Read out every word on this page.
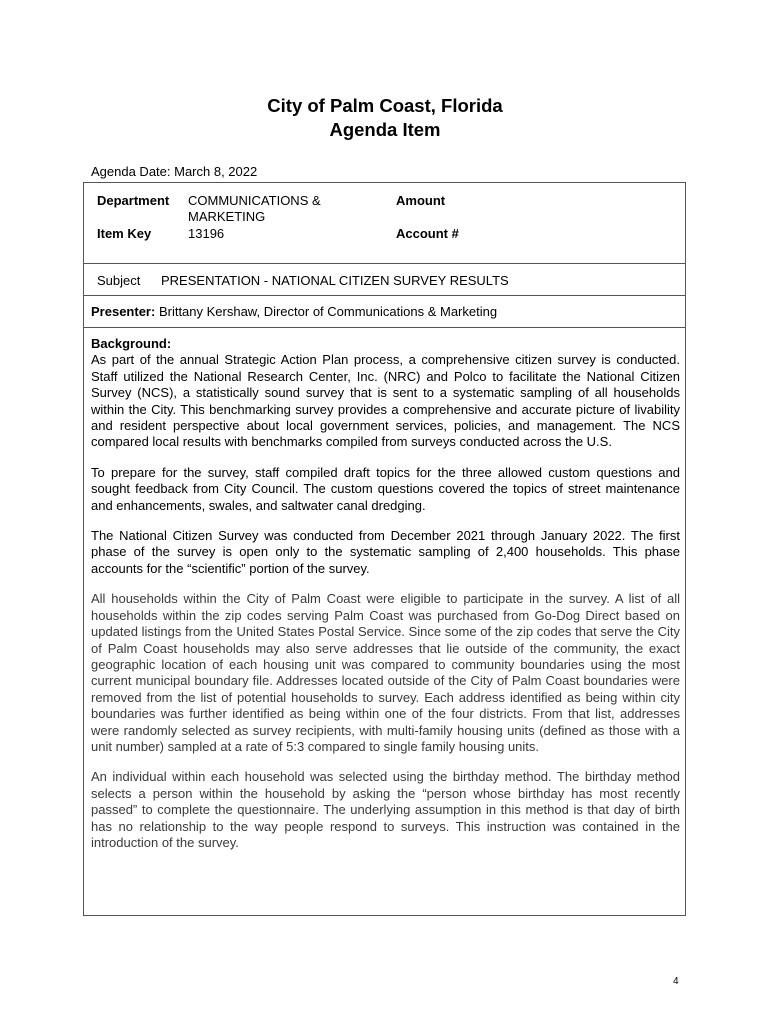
City of Palm Coast, Florida
Agenda Item
Agenda Date: March 8, 2022
Department COMMUNICATIONS & MARKETING
Item Key	13196
Amount
Account #
Subject PRESENTATION - NATIONAL CITIZEN SURVEY RESULTS
Presenter: Brittany Kershaw, Director of Communications & Marketing
Background:

As part of the annual Strategic Action Plan process, a comprehensive citizen survey is conducted. Staff utilized the National Research Center, Inc. (NRC) and Polco to facilitate the National Citizen Survey (NCS), a statistically sound survey that is sent to a systematic sampling of all households within the City. This benchmarking survey provides a comprehensive and accurate picture of livability and resident perspective about local government services, policies, and management. The NCS compared local results with benchmarks compiled from surveys conducted across the U.S.

To prepare for the survey, staff compiled draft topics for the three allowed custom questions and sought feedback from City Council. The custom questions covered the topics of street maintenance and enhancements, swales, and saltwater canal dredging.

The National Citizen Survey was conducted from December 2021 through January 2022. The first phase of the survey is open only to the systematic sampling of 2,400 households. This phase accounts for the “scientific” portion of the survey.

All households within the City of Palm Coast were eligible to participate in the survey. A list of all households within the zip codes serving Palm Coast was purchased from Go-Dog Direct based on updated listings from the United States Postal Service. Since some of the zip codes that serve the City of Palm Coast households may also serve addresses that lie outside of the community, the exact geographic location of each housing unit was compared to community boundaries using the most current municipal boundary file. Addresses located outside of the City of Palm Coast boundaries were removed from the list of potential households to survey. Each address identified as being within city boundaries was further identified as being within one of the four districts. From that list, addresses were randomly selected as survey recipients, with multi-family housing units (defined as those with a unit number) sampled at a rate of 5:3 compared to single family housing units.

An individual within each household was selected using the birthday method. The birthday method selects a person within the household by asking the “person whose birthday has most recently passed” to complete the questionnaire. The underlying assumption in this method is that day of birth has no relationship to the way people respond to surveys. This instruction was contained in the introduction of the survey.

4
